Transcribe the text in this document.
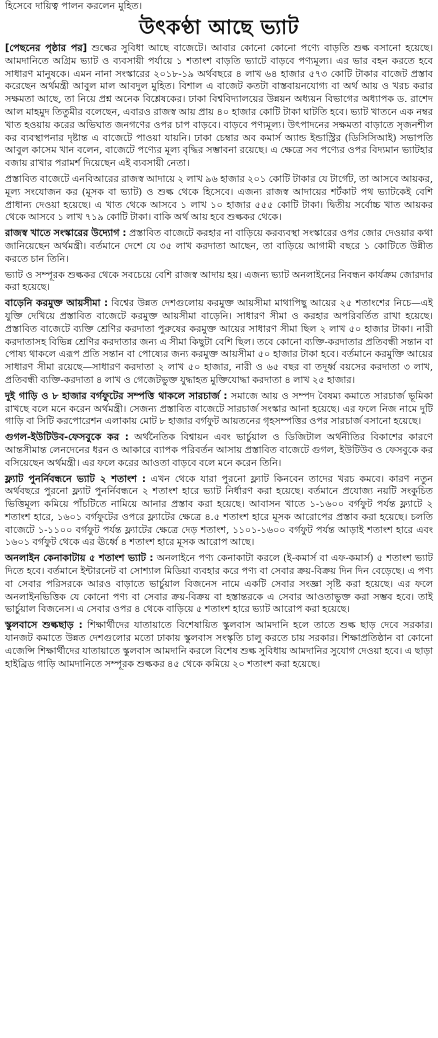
হিসেবে দায়িত্ব পালন করলেন মুহিত।
উৎকণ্ঠা আছে ভ্যাট

[পেছনের পৃষ্ঠার পর] শুল্কের সুবিধা আছে বাজেটে। আবার কোনো কোনো পণ্যে বাড়তি শুল্ক বসানো হয়েছে। আমদানিতে অগ্রিম ভ্যাট ও ব্যবসায়ী পর্যায়ে ১ শতাংশ বাড়তি ভ্যাটে বাড়বে পণ্যমূল্য। এর ভার বহন করতে হবে সাধারণ মানুষকে। এমন নানা সংস্কারের ২০১৮-১৯ অর্থবছরে ৪ লাখ ৬৪ হাজার ৫৭৩ কোটি টাকার বাজেট প্রস্তাব করেছেন অর্থমন্ত্রী আবুল মাল আবদুল মুহিত। বিশাল এ বাজেট কতটা বাস্তবায়নযোগ্য বা অর্থ আয় ও খরচ করার সক্ষমতা আছে, তা নিয়ে প্রশ্ন অনেক বিশ্লেষকের। ঢাকা বিশ্ববিদ্যালয়ের উন্নয়ন অধ্যয়ন বিভাগের অধ্যাপক ড. রাশেদ আল মাহমুদ তিতুমীর বলেছেন, এবারও রাজস্ব আয় প্রায় ৪০ হাজার কোটি টাকা ঘাটতি হবে। ভ্যাট খাতনে এক নম্বর খাত হওয়ায় করের অভিঘাত জনগণের ওপর চাপ বাড়বে। বাড়বে পণ্যমূল্য। উৎপাদনের সক্ষমতা বাড়াতে সৃজনশীল কর ব্যবস্থাপনার দৃষ্টান্ত এ বাজেটে পাওয়া যায়নি। ঢাকা চেম্বার অব কমার্স অ্যান্ড ইন্ডাস্ট্রির (ডিসিসিআই) সভাপতি আবুল কাসেম খান বলেন, বাজেটে পণ্যের মূল্য বৃদ্ধির সম্ভাবনা রয়েছে। এ ক্ষেত্রে সব পণ্যের ওপর বিদ্যমান ভ্যাটহার বজায় রাখার পরামর্শ দিয়েছেন এই ব্যবসায়ী নেতা।

প্রস্তাবিত বাজেটে এনবিআরের রাজস্ব আদায়ে ২ লাখ ৯৬ হাজার ২০১ কোটি টাকার যে টার্গেট, তা আসবে আয়কর, মূল্য সংযোজন কর (মূসক বা ভ্যাট) ও শুল্ক থেকে হিসেবে। এজন্য রাজস্ব আদায়ের শর্টকাট পথ ভ্যাটকেই বেশি প্রাধান্য দেওয়া হয়েছে। এ খাত থেকে আসবে ১ লাখ ১০ হাজার ৫৫৫ কোটি টাকা। দ্বিতীয় সর্বোচ্চ খাত আয়কর থেকে আসবে ১ লাখ ৭১৯ কোটি টাকা। বাকি অর্থ আয় হবে শুল্ককর থেকে।

রাজস্ব খাতে সংস্কারের উদ্যোগ : প্রস্তাবিত বাজেটে করহার না বাড়িয়ে করব্যবস্থা সংস্কারের ওপর জোর দেওয়ার কথা জানিয়েছেন অর্থমন্ত্রী। বর্তমানে দেশে যে ৩৫ লাখ করদাতা আছেন, তা বাড়িয়ে আগামী বছরে ১ কোটিতে উন্নীত করতে চান তিনি।

ভ্যাট ও সম্পূরক শুল্ককর থেকে সবচেয়ে বেশি রাজস্ব আদায় হয়। এজন্য ভ্যাট অনলাইনের নিবন্ধন কার্যক্রম জোরদার করা হয়েছে।

বাড়েনি করমুক্ত আয়সীমা : বিশ্বের উন্নত দেশগুলোয় করমুক্ত আয়সীমা মাথাপিছু আয়ের ২৫ শতাংশের নিচে—এই যুক্তি দেখিয়ে প্রস্তাবিত বাজেটে করমুক্ত আয়সীমা বাড়েনি। সাধারণ সীমা ও করহার অপরিবর্তিত রাখা হয়েছে। প্রস্তাবিত বাজেটে ব্যক্তি শ্রেণির করদাতা পুরুষের করমুক্ত আয়ের সাধারণ সীমা ছিল ২ লাখ ৫০ হাজার টাকা। নারী করদাতাসহ বিভিন্ন শ্রেণির করদাতার জন্য এ সীমা কিছুটা বেশি ছিল। তবে কোনো ব্যক্তি-করদাতার প্রতিবন্ধী সন্তান বা পোষ্য থাকলে এরূপ প্রতি সন্তান বা পোষ্যের জন্য করমুক্ত আয়সীমা ৫০ হাজার টাকা হবে। বর্তমানে করমুক্তি আয়ের সাধারণ সীমা রয়েছে—সাধারণ করদাতা ২ লাখ ৫০ হাজার, নারী ও ৬৫ বছর বা তদূর্ধ্ব বয়সের করদাতা ৩ লাখ, প্রতিবন্ধী ব্যক্তি-করদাতা ৪ লাখ ও গেজেটভুক্ত যুদ্ধাহত মুক্তিযোদ্ধা করদাতা ৪ লাখ ২৫ হাজার।

দুই গাড়ি ও ৮ হাজার বর্গফুটের সম্পত্তি থাকলে সারচার্জ : সমাজে আয় ও সম্পদ বৈষম্য কমাতে সারচার্জ ভূমিকা রাখছে বলে মনে করেন অর্থমন্ত্রী। সেজন্য প্রস্তাবিত বাজেটে সারচার্জ সংস্কার আনা হয়েছে। এর ফলে নিজ নামে দুটি গাড়ি বা সিটি করপোরেশন এলাকায় মোট ৮ হাজার বর্গফুট আয়তনের গৃহসম্পত্তির ওপর সারচার্জ বসানো হয়েছে।

গুগল-ইউটিউব-ফেসবুকে কর : অর্থনৈতিক বিশ্বায়ন এবং ভার্চুয়াল ও ডিজিটাল অর্থনীতির বিকাশের কারণে আন্তসীমান্ত লেনদেনের ধরন ও আকারে ব্যাপক পরিবর্তন আসায় প্রস্তাবিত বাজেটে গুগল, ইউটিউব ও ফেসবুকে কর বসিয়েছেন অর্থমন্ত্রী। এর ফলে করের আওতা বাড়বে বলে মনে করেন তিনি।

ফ্ল্যাট পুনর্নিবন্ধনে ভ্যাট ২ শতাংশ : এখন থেকে যারা পুরনো ফ্ল্যাট কিনবেন তাদের খরচ কমবে। কারণ নতুন অর্থবছরে পুরনো ফ্ল্যাট পুনর্নিবন্ধনে ২ শতাংশ হারে ভ্যাট নির্ধারণ করা হয়েছে। বর্তমানে প্রযোজ্য নয়টি সংকুচিত ভিত্তিমূল্য কমিয়ে পাঁচটিতে নামিয়ে আনার প্রস্তাব করা হয়েছে। আবাসন খাতে ১-১৬০০ বর্গফুট পর্যন্ত ফ্ল্যাটে ২ শতাংশ হারে, ১৬০১ বর্গফুটের ওপরে ফ্ল্যাটের ক্ষেত্রে ৪.৫ শতাংশ হারে মূসক আরোপের প্রস্তাব করা হয়েছে। চলতি বাজেটে ১-১১০০ বর্গফুট পর্যন্ত ফ্ল্যাটের ক্ষেত্রে দেড় শতাংশ, ১১০১-১৬০০ বর্গফুট পর্যন্ত আড়াই শতাংশ হারে এবং ১৬০১ বর্গফুট থেকে এর ঊর্ধ্বে ৪ শতাংশ হারে মূসক আরোপ আছে।

অনলাইন কেনাকাটায় ৫ শতাংশ ভ্যাট : অনলাইনে পণ্য কেনাকাটা করলে (ই-কমার্স বা এফ-কমার্স) ৫ শতাংশ ভ্যাট দিতে হবে। বর্তমানে ইন্টারনেট বা সোশ্যাল মিডিয়া ব্যবহার করে পণ্য বা সেবার ক্রয়-বিক্রয় দিন দিন বেড়েছে। এ পণ্য বা সেবার পরিসরকে আরও বাড়াতে ভার্চুয়াল বিজনেস নামে একটি সেবার সংজ্ঞা সৃষ্টি করা হয়েছে। এর ফলে অনলাইনভিত্তিক যে কোনো পণ্য বা সেবার ক্রয়-বিক্রয় বা হস্তান্তরকে এ সেবার আওতাভুক্ত করা সম্ভব হবে। তাই ভার্চুয়াল বিজনেস। এ সেবার ওপর ৪ থেকে বাড়িয়ে ৫ শতাংশ হারে ভ্যাট আরোপ করা হয়েছে।

স্কুলবাসে শুল্কছাড় : শিক্ষার্থীদের যাতায়াতে বিশেষায়িত স্কুলবাস আমদানি হলে তাতে শুল্ক ছাড় দেবে সরকার। যানজট কমাতে উন্নত দেশগুলোর মতো ঢাকায় স্কুলবাস সংস্কৃতি চালু করতে চায় সরকার। শিক্ষাপ্রতিষ্ঠান বা কোনো এজেন্সি শিক্ষার্থীদের যাতায়াতে স্কুলবাস আমদানি করলে বিশেষ শুল্ক সুবিধায় আমদানির সুযোগ দেওয়া হবে। এ ছাড়া হাইব্রিড গাড়ি আমদানিতে সম্পূরক শুল্ককর ৪৫ থেকে কমিয়ে ২০ শতাংশ করা হয়েছে।
